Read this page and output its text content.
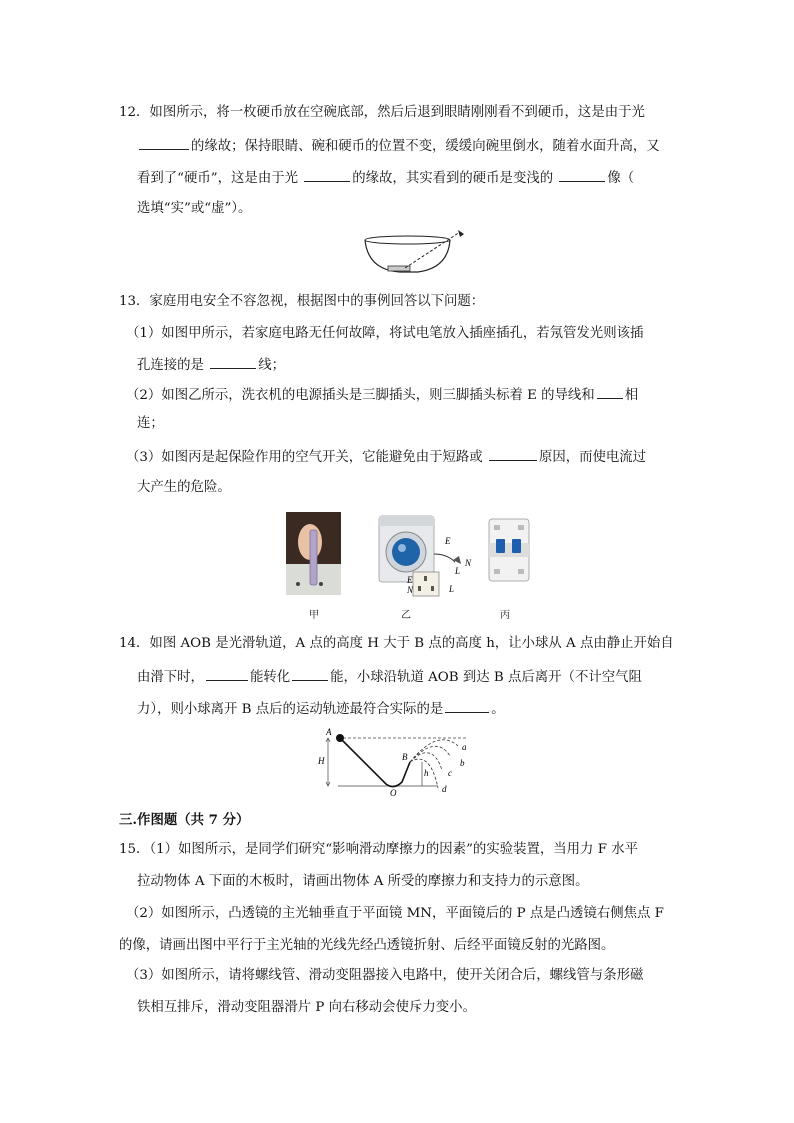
12．如图所示，将一枚硬币放在空碗底部，然后后退到眼睛刚刚看不到硬币，这是由于光
的缘故；保持眼睛、碗和硬币的位置不变，缓缓向碗里倒水，随着水面升高，又
看到了“硬币”，这是由于光	的缘故，其实看到的硬币是变浅的	像（
选填“实”或“虚”）。
13．家庭用电安全不容忽视，根据图中的事例回答以下问题：
（1）如图甲所示，若家庭电路无任何故障，将试电笔放入插座插孔，若氖管发光则该插
孔连接的是	线；
（2）如图乙所示，洗衣机的电源插头是三脚插头，则三脚插头标着 E 的导线和 相
连；
（3）如图丙是起保险作用的空气开关，它能避免由于短路或	原因，而使电流过
大产生的危险。
甲
E
N
L
E
N	L
乙	丙
14．如图 AOB 是光滑轨道，A 点的高度 H 大于 B 点的高度 h，让小球从 A 点由静止开始自
由滑下时，	能转化	能，小球沿轨道 AOB 到达 B 点后离开（不计空气阻
力），则小球离开 B 点后的运动轨迹最符合实际的是	。
A
H
O
B
h
a
b
c
d
三.作图题（共 7 分）
15．（1）如图所示，是同学们研究“影响滑动摩擦力的因素”的实验装置，当用力 F 水平
拉动物体 A 下面的木板时，请画出物体 A 所受的摩擦力和支持力的示意图。
（2）如图所示，凸透镜的主光轴垂直于平面镜 MN，平面镜后的 P 点是凸透镜右侧焦点 F
的像，请画出图中平行于主光轴的光线先经凸透镜折射、后经平面镜反射的光路图。
（3）如图所示，请将螺线管、滑动变阻器接入电路中，使开关闭合后，螺线管与条形磁
铁相互排斥，滑动变阻器滑片 P 向右移动会使斥力变小。
